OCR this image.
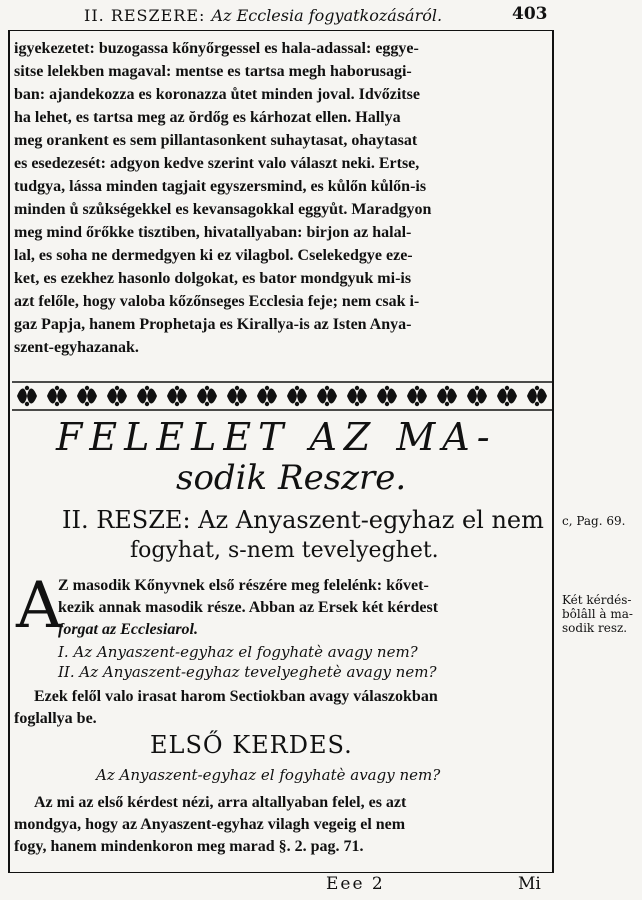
II. RESZERE: Az Ecclesia fogyatkozásáról.	403
igyekezetet: buzogassa kőnyőrgessel es hala-adassal: eggye-
sitse lelekben magaval: mentse es tartsa megh haborusagi-
ban: ajandekozza es koronazza ůtet minden joval. Idvőzitse
ha lehet, es tartsa meg az ŏrdőg es kárhozat ellen. Hallya
meg orankent es sem pillantasonkent suhaytasat, ohaytasat
es esedezesét: adgyon kedve szerint valo választ neki. Ertse,
tudgya, lássa minden tagjait egyszersmind, es kůlőn kůlőn-is
minden ů szůkségekkel es kevansagokkal eggyůt. Maradgyon
meg mind őrőkke tisztiben, hivatallyaban: birjon az halal-
lal, es soha ne dermedgyen ki ez vilagbol. Cselekedgye eze-
ket, es ezekhez hasonlo dolgokat, es bator mondgyuk mi-is
azt felőle, hogy valoba kőzőnseges Ecclesia feje; nem csak i-
gaz Papja, hanem Prophetaja es Kirallya-is az Isten Anya-
szent-egyhazanak.
FELELET AZ MA-
sodik Reszre.
II. RESZE: Az Anyaszent-egyhaz el nem
fogyhat, s-nem tevelyeghet.
A
Z masodik Kőnyvnek első részére meg felelénk: kővet-
kezik annak masodik része. Abban az Ersek két kérdest
forgat az Ecclesiarol.
I. Az Anyaszent-egyhaz el fogyhatè avagy nem?
II. Az Anyaszent-egyhaz tevelyeghetè avagy nem?
Ezek felől valo irasat harom Sectiokban avagy válaszokban
foglallya be.
ELSŐ KERDES.
Az Anyaszent-egyhaz el fogyhatè avagy nem?
Az mi az első kérdest nézi, arra altallyaban felel, es azt
mondgya, hogy az Anyaszent-egyhaz vilagh vegeig el nem
fogy, hanem mindenkoron meg marad §. 2. pag. 71.
c, Pag. 69.
Két kérdés-
bôlâll à ma-
sodik resz.
Eee 2	Mi
